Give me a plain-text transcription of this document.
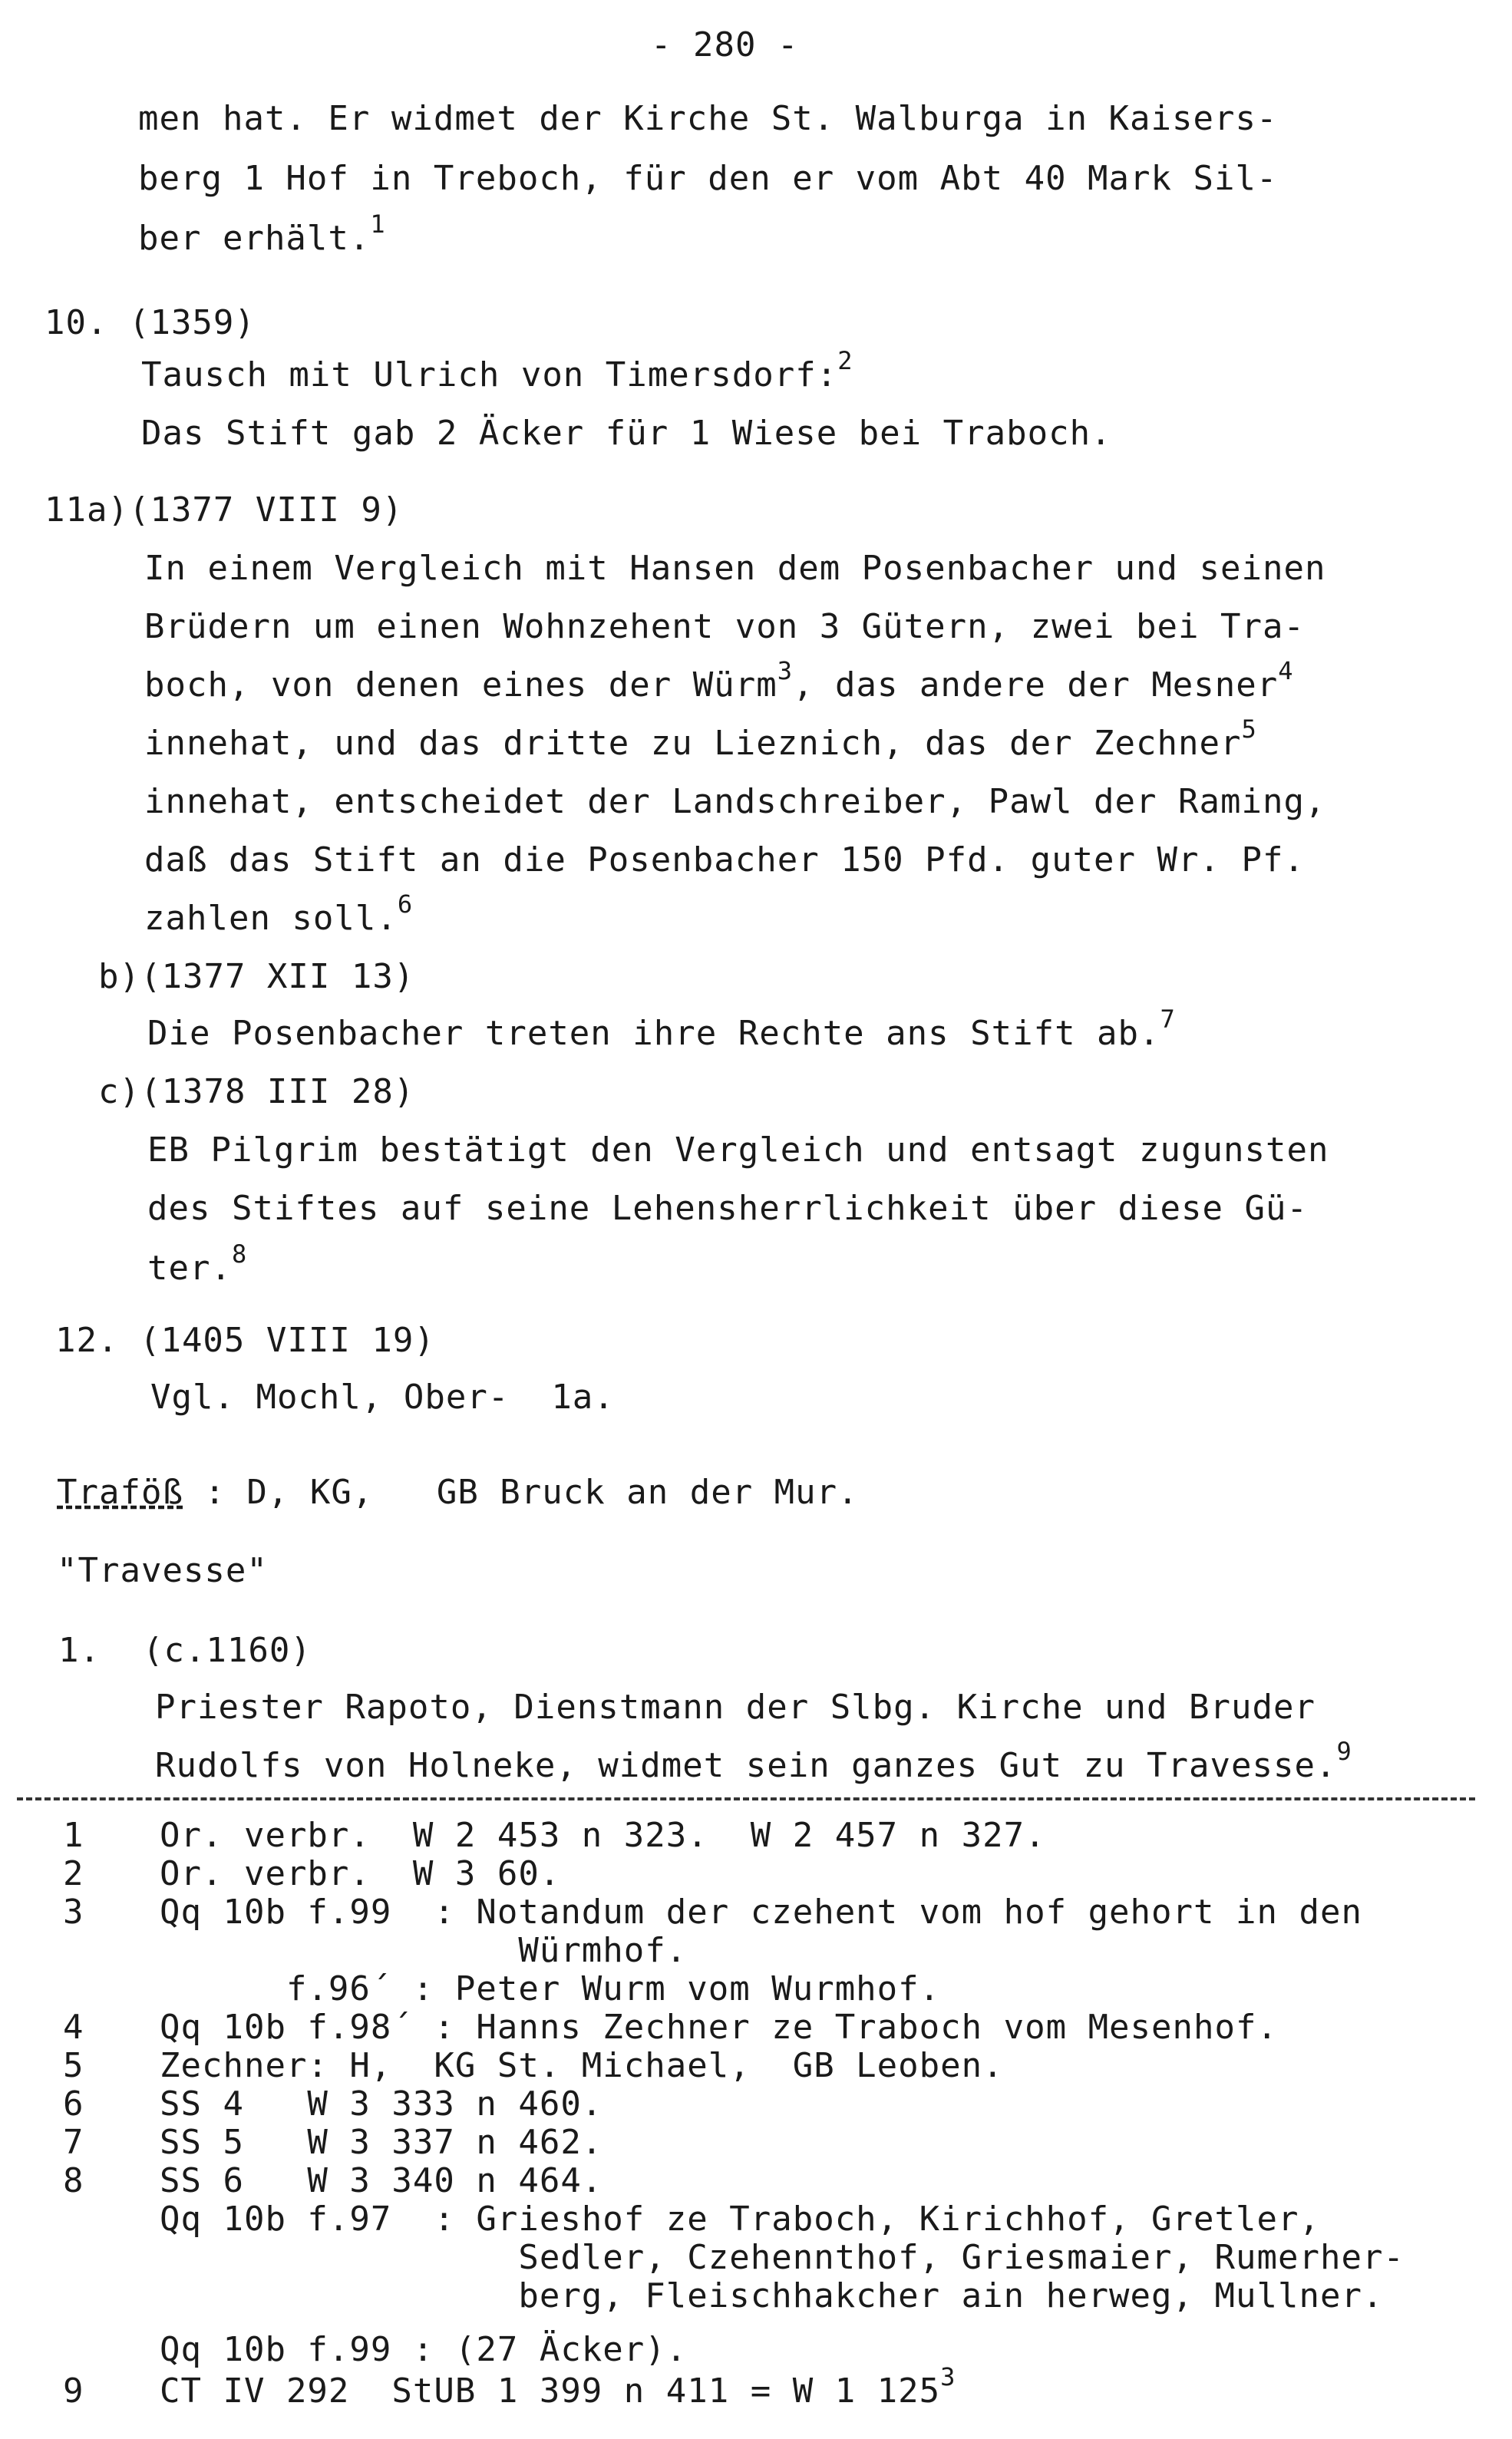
- 280 -
men hat. Er widmet der Kirche St. Walburga in Kaisers-
berg 1 Hof in Treboch, für den er vom Abt 40 Mark Sil-
ber erhält.$^1$
10. (1359)
Tausch mit Ulrich von Timersdorf:$^2$
Das Stift gab 2 Äcker für 1 Wiese bei Traboch.
11a)(1377 VIII 9)
In einem Vergleich mit Hansen dem Posenbacher und seinen
Brüdern um einen Wohnzehent von 3 Gütern, zwei bei Tra-
boch, von denen eines der Würm$^3$, das andere der Mesner$^4$
innehat, und das dritte zu Lieznich, das der Zechner$^5$
innehat, entscheidet der Landschreiber, Pawl der Raming,
daß das Stift an die Posenbacher 150 Pfd. guter Wr. Pf.
zahlen soll.$^6$
b)(1377 XII 13)
Die Posenbacher treten ihre Rechte ans Stift ab.$^7$
c)(1378 III 28)
EB Pilgrim bestätigt den Vergleich und entsagt zugunsten
des Stiftes auf seine Lehensherrlichkeit über diese Gü-
ter.$^8$
12. (1405 VIII 19)
Vgl. Mochl, Ober-  1a.
Traföß : D, KG,   GB Bruck an der Mur.
"Travesse"
1.  (c.1160)
Priester Rapoto, Dienstmann der Slbg. Kirche und Bruder
Rudolfs von Holneke, widmet sein ganzes Gut zu Travesse.$^9$
1 Or. verbr.  W 2 453 n 323.  W 2 457 n 327.
2 Or. verbr.  W 3 60.
3 Qq 10b f.99  : Notandum der czehent vom hof gehort in den
Würmhof.
f.96´ : Peter Wurm vom Wurmhof.
4 Qq 10b f.98´ : Hanns Zechner ze Traboch vom Mesenhof.
5 Zechner: H,  KG St. Michael,  GB Leoben.
6 SS 4   W 3 333 n 460.
7 SS 5   W 3 337 n 462.
8 SS 6   W 3 340 n 464.
Qq 10b f.97  : Grieshof ze Traboch, Kirichhof, Gretler,
Sedler, Czehennthof, Griesmaier, Rumerher-
berg, Fleischhakcher ain herweg, Mullner.
Qq 10b f.99 : (27 Äcker).
9 CT IV 292  StUB 1 399 n 411 = W 1 $125^3$
